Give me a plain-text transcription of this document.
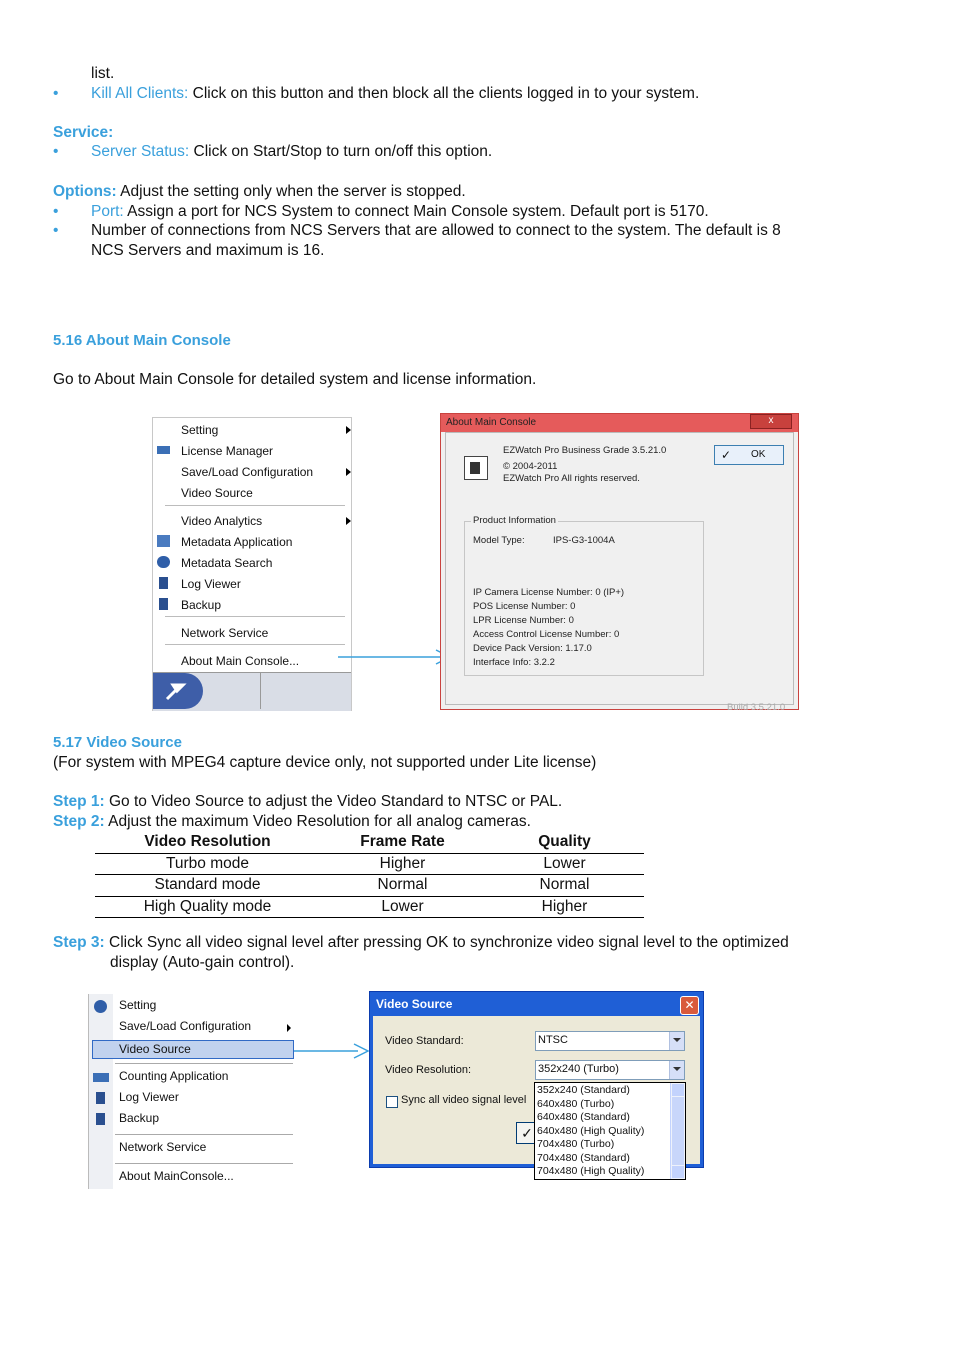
list.
• Kill All Clients: Click on this button and then block all the clients logged in to your system.
Service:
• Server Status: Click on Start/Stop to turn on/off this option.
Options: Adjust the setting only when the server is stopped.
• Port: Assign a port for NCS System to connect Main Console system. Default port is 5170.
• Number of connections from NCS Servers that are allowed to connect to the system. The default is 8
NCS Servers and maximum is 16.
5.16 About Main Console
Go to About Main Console for detailed system and license information.
Setting
License Manager
Save/Load Configuration
Video Source
Video Analytics
Metadata Application
Metadata Search
Log Viewer
Backup
Network Service
About Main Console...
About Main Console	x
EZWatch Pro Business Grade 3.5.21.0
© 2004-2011
EZWatch Pro All rights reserved.
✓ OK
Product Information
Model Type:	IPS-G3-1004A
IP Camera License Number: 0 (IP+)
POS License Number: 0
LPR License Number: 0
Access Control License Number: 0
Device Pack Version: 1.17.0
Interface Info: 3.2.2
Build 3.5.21.0
5.17 Video Source
(For system with MPEG4 capture device only, not supported under Lite license)
Step 1: Go to Video Source to adjust the Video Standard to NTSC or PAL.
Step 2: Adjust the maximum Video Resolution for all analog cameras.
Video Resolution	Frame Rate	Quality
Turbo mode	Higher	Lower
Standard mode	Normal	Normal
High Quality mode	Lower	Higher
Step 3: Click Sync all video signal level after pressing OK to synchronize video signal level to the optimized
display (Auto-gain control).
Setting
Save/Load Configuration
Video Source
Counting Application
Log Viewer
Backup
Network Service
About MainConsole...
Video Source	✕
Video Standard:	NTSC
Video Resolution:	352x240 (Turbo)
Sync all video signal level
✓
352x240 (Standard)
640x480 (Turbo)
640x480 (Standard)
640x480 (High Quality)
704x480 (Turbo)
704x480 (Standard)
704x480 (High Quality)
